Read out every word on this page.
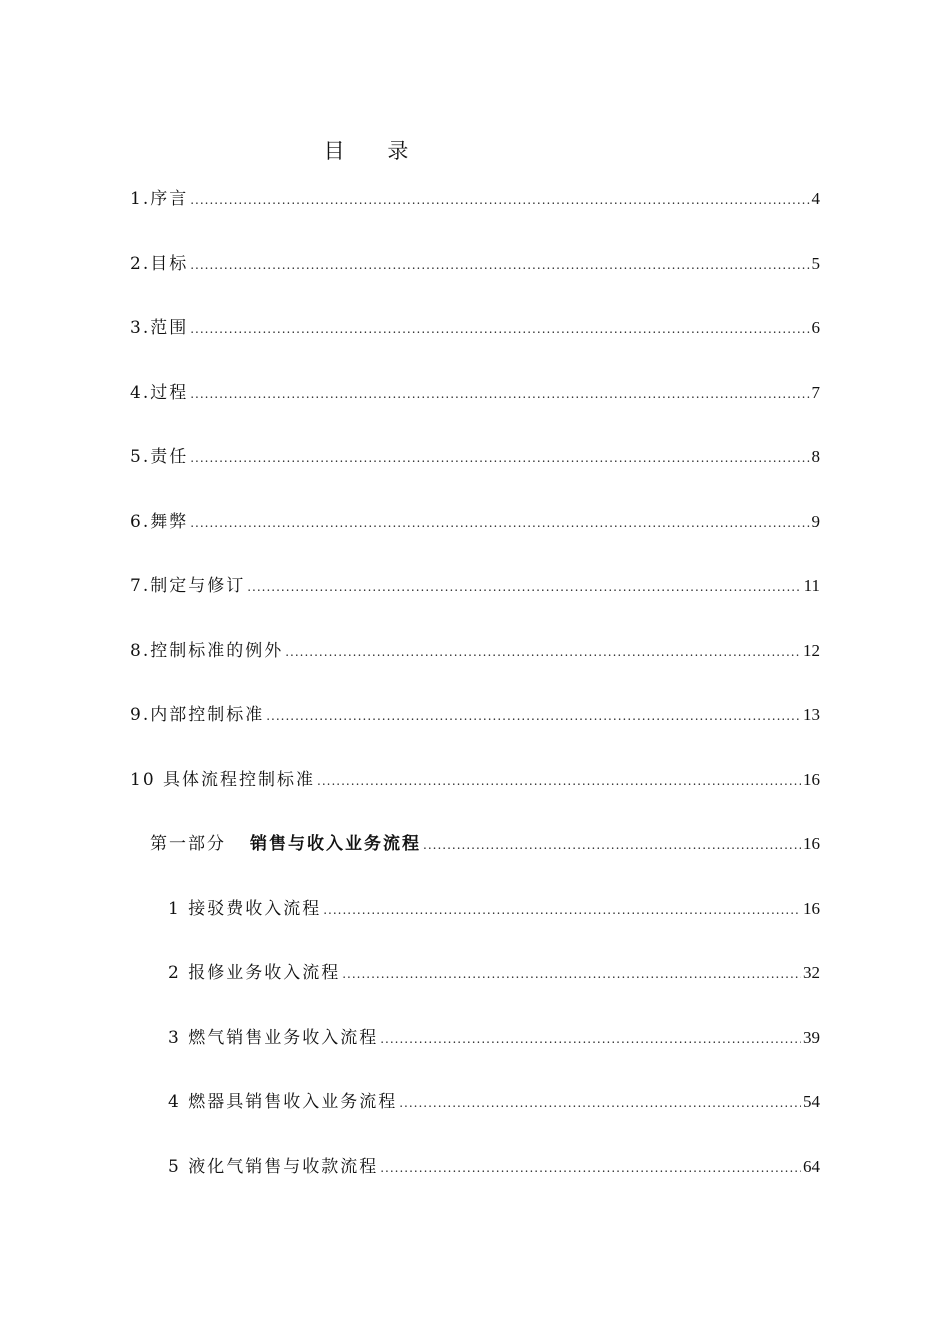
目 录
1.序言 .....	4
2.目标 .....	5
3.范围 .....	6
4.过程 .....	7
5.责任 .....	8
6.舞弊 .....	9
7.制定与修订 .....	11
8.控制标准的例外 .....	12
9.内部控制标准 .....	13
10 具体流程控制标准 .....	16
第一部分 销售与收入业务流程 .....	16
1 接驳费收入流程 .....	16
2 报修业务收入流程 .....	32
3 燃气销售业务收入流程 .....	39
4 燃器具销售收入业务流程 .....	54
5 液化气销售与收款流程 .....	64
